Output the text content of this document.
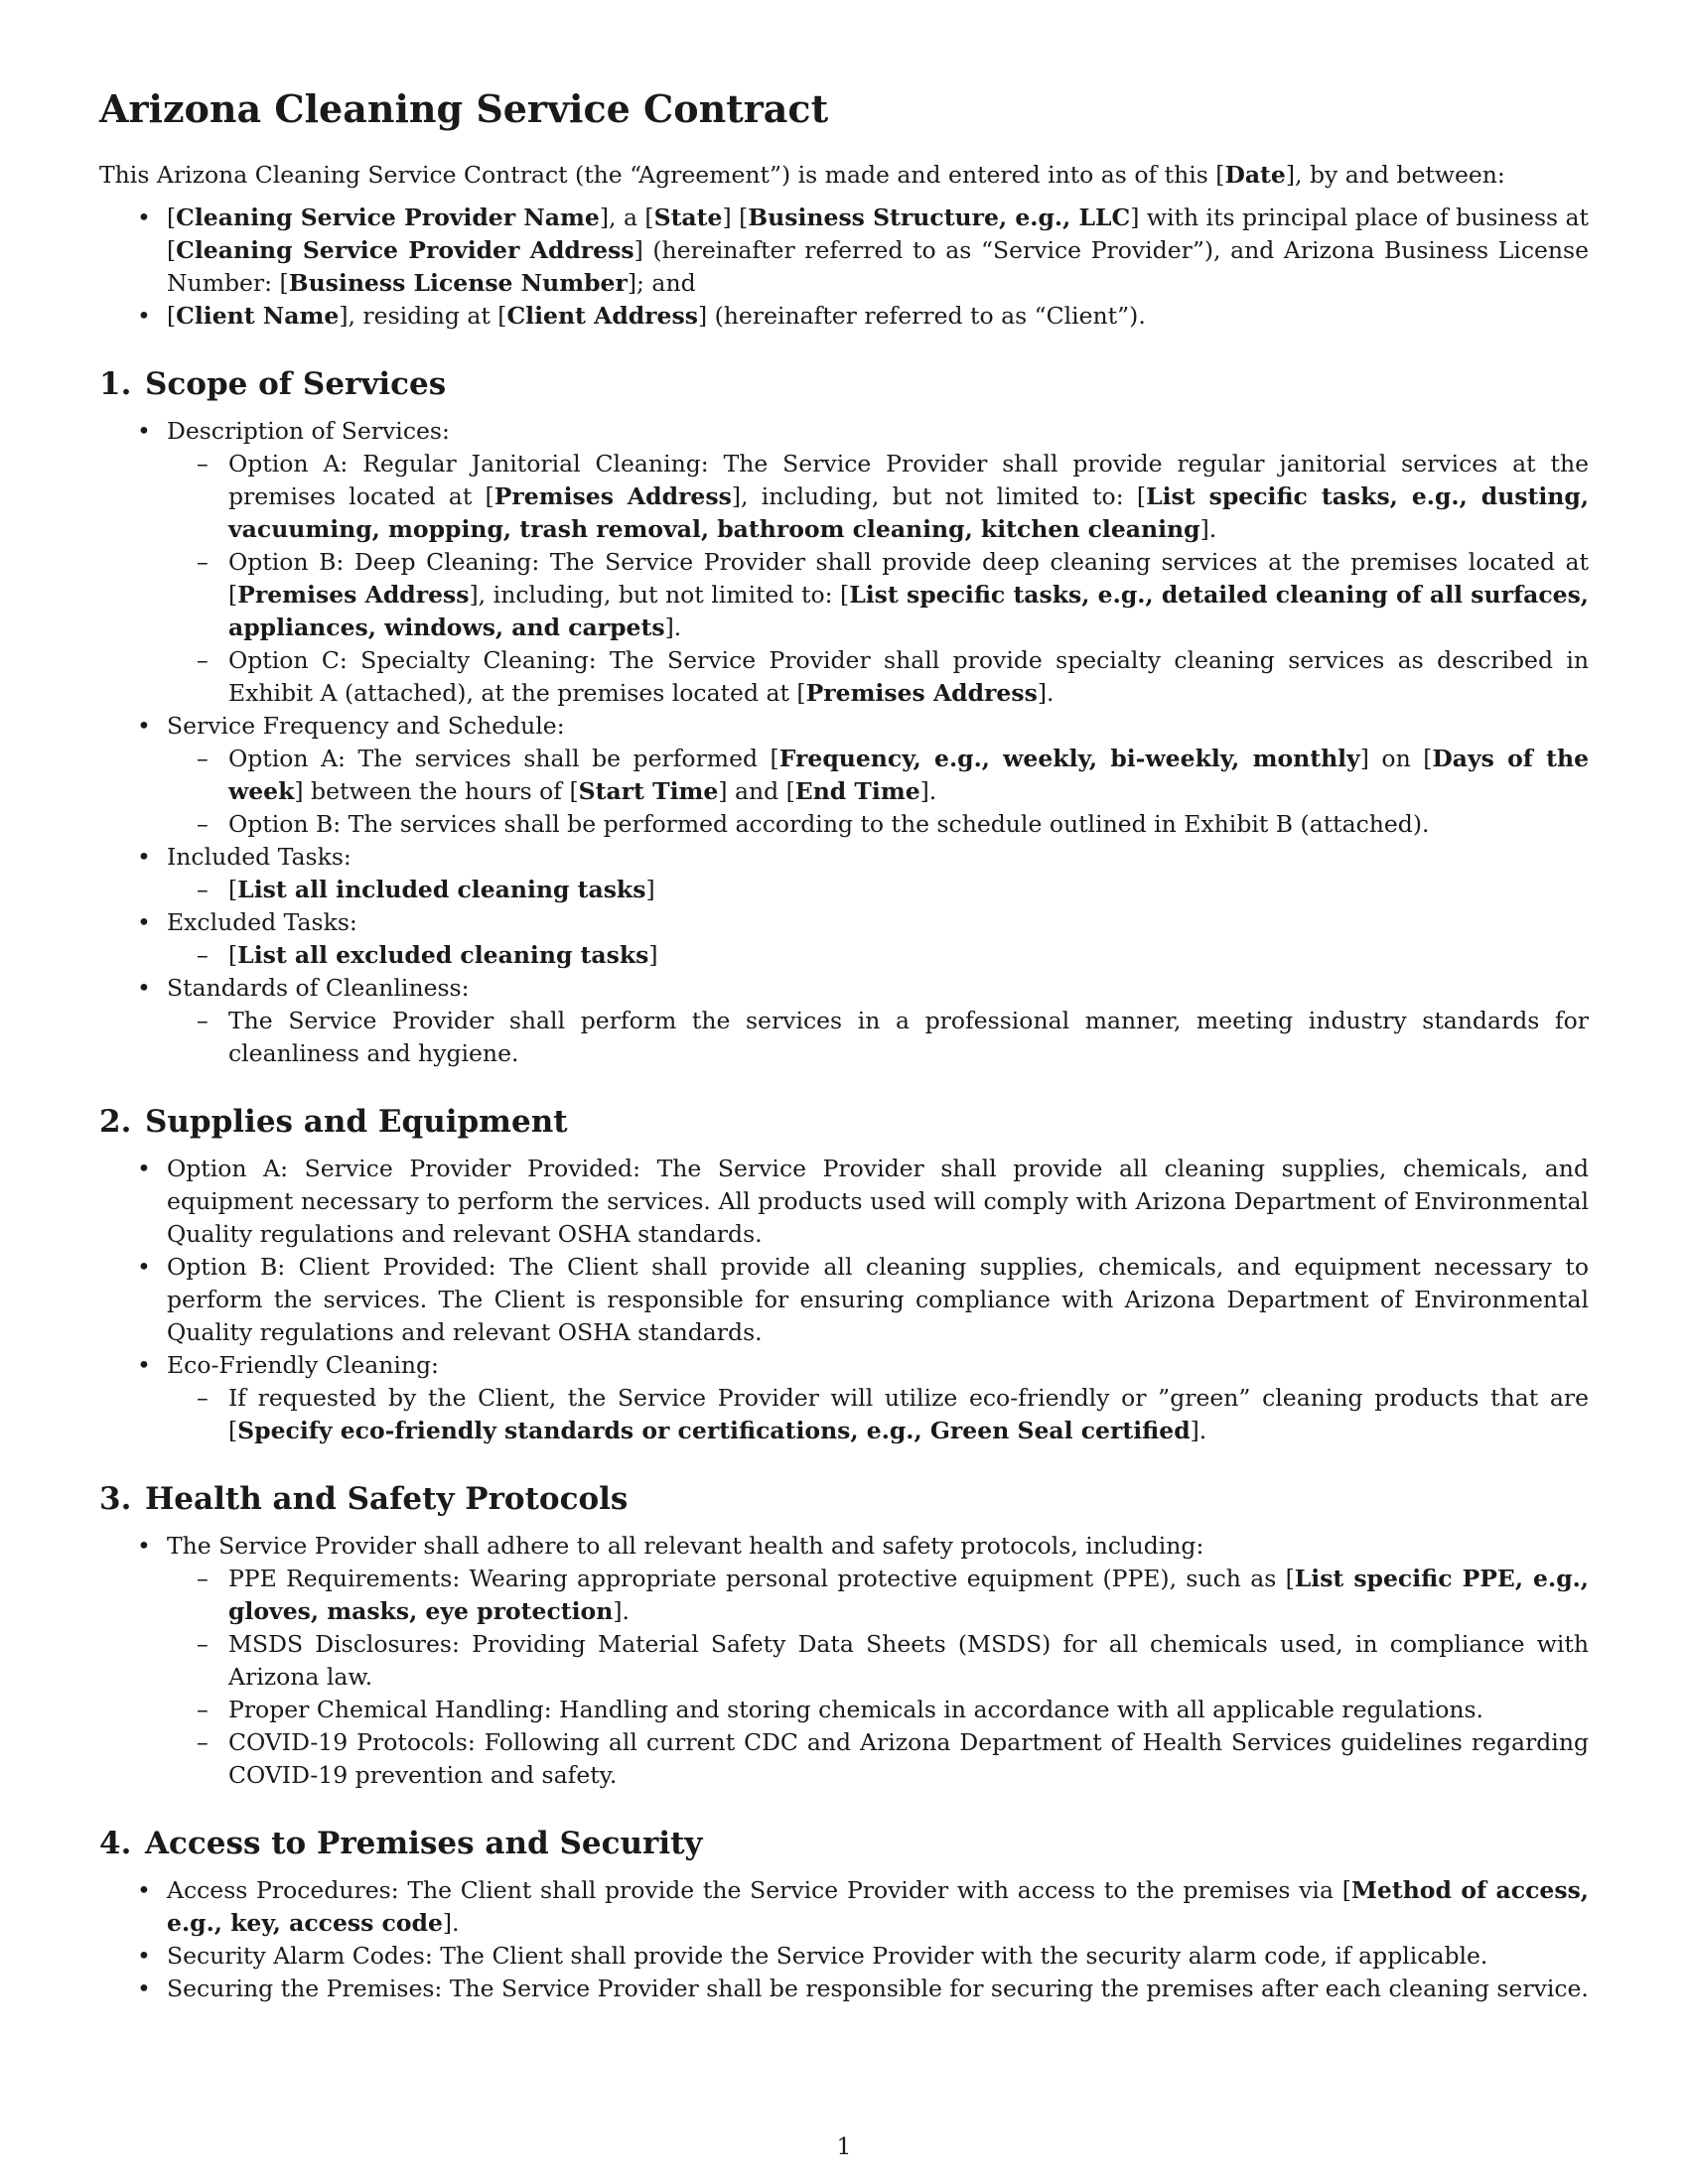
Arizona Cleaning Service Contract

This Arizona Cleaning Service Contract (the “Agreement”) is made and entered into as of this [Date], by and between:

• [Cleaning Service Provider Name], a [State] [Business Structure, e.g., LLC] with its principal place of business at [Cleaning Service Provider Address] (hereinafter referred to as “Service Provider”), and Arizona Business License Number: [Business License Number]; and
• [Client Name], residing at [Client Address] (hereinafter referred to as “Client”).
1. Scope of Services
• Description of Services:
– Option A: Regular Janitorial Cleaning: The Service Provider shall provide regular janitorial services at the premises located at [Premises Address], including, but not limited to: [List specific tasks, e.g., dusting, vacuuming, mopping, trash removal, bathroom cleaning, kitchen cleaning].
– Option B: Deep Cleaning: The Service Provider shall provide deep cleaning services at the premises located at [Premises Address], including, but not limited to: [List specific tasks, e.g., detailed cleaning of all surfaces, appliances, windows, and carpets].
– Option C: Specialty Cleaning: The Service Provider shall provide specialty cleaning services as described in Exhibit A (attached), at the premises located at [Premises Address].
• Service Frequency and Schedule:
– Option A: The services shall be performed [Frequency, e.g., weekly, bi-weekly, monthly] on [Days of the week] between the hours of [Start Time] and [End Time].
– Option B: The services shall be performed according to the schedule outlined in Exhibit B (attached).
• Included Tasks:
– [List all included cleaning tasks]
• Excluded Tasks:
– [List all excluded cleaning tasks]
• Standards of Cleanliness:
– The Service Provider shall perform the services in a professional manner, meeting industry standards for cleanliness and hygiene.
2. Supplies and Equipment
• Option A: Service Provider Provided: The Service Provider shall provide all cleaning supplies, chemicals, and equipment necessary to perform the services. All products used will comply with Arizona Department of Environmental Quality regulations and relevant OSHA standards.
• Option B: Client Provided: The Client shall provide all cleaning supplies, chemicals, and equipment necessary to perform the services. The Client is responsible for ensuring compliance with Arizona Department of Environmental Quality regulations and relevant OSHA standards.
• Eco-Friendly Cleaning:
– If requested by the Client, the Service Provider will utilize eco-friendly or ”green” cleaning products that are [Specify eco-friendly standards or certifications, e.g., Green Seal certified].
3. Health and Safety Protocols
• The Service Provider shall adhere to all relevant health and safety protocols, including:
– PPE Requirements: Wearing appropriate personal protective equipment (PPE), such as [List specific PPE, e.g., gloves, masks, eye protection].
– MSDS Disclosures: Providing Material Safety Data Sheets (MSDS) for all chemicals used, in compliance with Arizona law.
– Proper Chemical Handling: Handling and storing chemicals in accordance with all applicable regulations.
– COVID-19 Protocols: Following all current CDC and Arizona Department of Health Services guidelines regarding COVID-19 prevention and safety.
4. Access to Premises and Security
• Access Procedures: The Client shall provide the Service Provider with access to the premises via [Method of access, e.g., key, access code].
• Security Alarm Codes: The Client shall provide the Service Provider with the security alarm code, if applicable.
• Securing the Premises: The Service Provider shall be responsible for securing the premises after each cleaning service.
1
